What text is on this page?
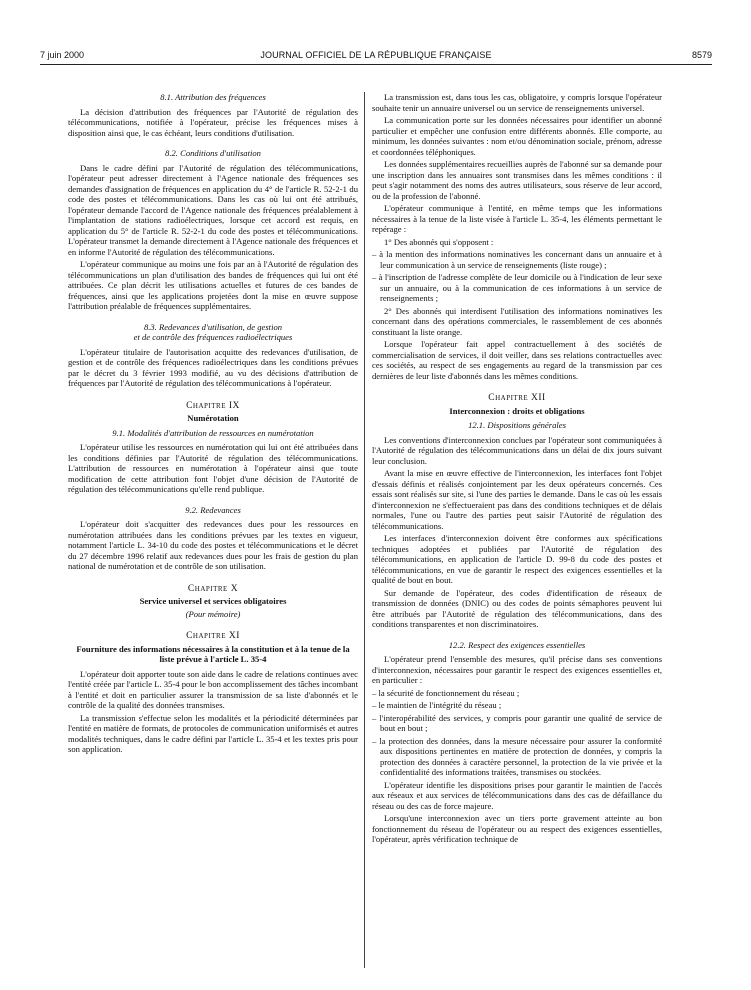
7 juin 2000	JOURNAL OFFICIEL DE LA RÉPUBLIQUE FRANÇAISE	8579
8.1. Attribution des fréquences

La décision d'attribution des fréquences par l'Autorité de régulation des télécommunications, notifiée à l'opérateur, précise les fréquences mises à disposition ainsi que, le cas échéant, leurs conditions d'utilisation.

8.2. Conditions d'utilisation

Dans le cadre défini par l'Autorité de régulation des télécommunications, l'opérateur peut adresser directement à l'Agence nationale des fréquences ses demandes d'assignation de fréquences en application du 4° de l'article R. 52-2-1 du code des postes et télécommunications. Dans les cas où lui ont été attribués, l'opérateur demande l'accord de l'Agence nationale des fréquences préalablement à l'implantation de stations radioélectriques, lorsque cet accord est requis, en application du 5° de l'article R. 52-2-1 du code des postes et télécommunications. L'opérateur transmet la demande directement à l'Agence nationale des fréquences et en informe l'Autorité de régulation des télécommunications.

L'opérateur communique au moins une fois par an à l'Autorité de régulation des télécommunications un plan d'utilisation des bandes de fréquences qui lui ont été attribuées. Ce plan décrit les utilisations actuelles et futures de ces bandes de fréquences, ainsi que les applications projetées dont la mise en œuvre suppose l'attribution préalable de fréquences supplémentaires.

8.3. Redevances d'utilisation, de gestion
et de contrôle des fréquences radioélectriques

L'opérateur titulaire de l'autorisation acquitte des redevances d'utilisation, de gestion et de contrôle des fréquences radioélectriques dans les conditions prévues par le décret du 3 février 1993 modifié, au vu des décisions d'attribution de fréquences par l'Autorité de régulation des télécommunications à l'opérateur.

Chapitre IX
Numérotation
9.1. Modalités d'attribution de ressources en numérotation

L'opérateur utilise les ressources en numérotation qui lui ont été attribuées dans les conditions définies par l'Autorité de régulation des télécommunications. L'attribution de ressources en numérotation à l'opérateur ainsi que toute modification de cette attribution font l'objet d'une décision de l'Autorité de régulation des télécommunications qu'elle rend publique.

9.2. Redevances

L'opérateur doit s'acquitter des redevances dues pour les ressources en numérotation attribuées dans les conditions prévues par les textes en vigueur, notamment l'article L. 34-10 du code des postes et télécommunications et le décret du 27 décembre 1996 relatif aux redevances dues pour les frais de gestion du plan national de numérotation et de contrôle de son utilisation.

Chapitre X
Service universel et services obligatoires
(Pour mémoire)
Chapitre XI
Fourniture des informations nécessaires à la constitution et à la tenue de la liste prévue à l'article L. 35-4

L'opérateur doit apporter toute son aide dans le cadre de relations continues avec l'entité créée par l'article L. 35-4 pour le bon accomplissement des tâches incombant à l'entité et doit en particulier assurer la transmission de sa liste d'abonnés et le contrôle de la qualité des données transmises.

La transmission s'effectue selon les modalités et la périodicité déterminées par l'entité en matière de formats, de protocoles de communication uniformisés et autres modalités techniques, dans le cadre défini par l'article L. 35-4 et les textes pris pour son application.

La transmission est, dans tous les cas, obligatoire, y compris lorsque l'opérateur souhaite tenir un annuaire universel ou un service de renseignements universel.

La communication porte sur les données nécessaires pour identifier un abonné particulier et empêcher une confusion entre différents abonnés. Elle comporte, au minimum, les données suivantes : nom et/ou dénomination sociale, prénom, adresse et coordonnées téléphoniques.

Les données supplémentaires recueillies auprès de l'abonné sur sa demande pour une inscription dans les annuaires sont transmises dans les mêmes conditions : il peut s'agir notamment des noms des autres utilisateurs, sous réserve de leur accord, ou de la profession de l'abonné.

L'opérateur communique à l'entité, en même temps que les informations nécessaires à la tenue de la liste visée à l'article L. 35-4, les éléments permettant le repérage :

1° Des abonnés qui s'opposent :

– à la mention des informations nominatives les concernant dans un annuaire et à leur communication à un service de renseignements (liste rouge) ;

– à l'inscription de l'adresse complète de leur domicile ou à l'indication de leur sexe sur un annuaire, ou à la communication de ces informations à un service de renseignements ;

2° Des abonnés qui interdisent l'utilisation des informations nominatives les concernant dans des opérations commerciales, le rassemblement de ces abonnés constituant la liste orange.

Lorsque l'opérateur fait appel contractuellement à des sociétés de commercialisation de services, il doit veiller, dans ses relations contractuelles avec ces sociétés, au respect de ses engagements au regard de la transmission par ces dernières de leur liste d'abonnés dans les mêmes conditions.

Chapitre XII
Interconnexion : droits et obligations
12.1. Dispositions générales

Les conventions d'interconnexion conclues par l'opérateur sont communiquées à l'Autorité de régulation des télécommunications dans un délai de dix jours suivant leur conclusion.

Avant la mise en œuvre effective de l'interconnexion, les interfaces font l'objet d'essais définis et réalisés conjointement par les deux opérateurs concernés. Ces essais sont réalisés sur site, si l'une des parties le demande. Dans le cas où les essais d'interconnexion ne s'effectueraient pas dans des conditions techniques et de délais normales, l'une ou l'autre des parties peut saisir l'Autorité de régulation des télécommunications.

Les interfaces d'interconnexion doivent être conformes aux spécifications techniques adoptées et publiées par l'Autorité de régulation des télécommunications, en application de l'article D. 99-8 du code des postes et télécommunications, en vue de garantir le respect des exigences essentielles et la qualité de bout en bout.

Sur demande de l'opérateur, des codes d'identification de réseaux de transmission de données (DNIC) ou des codes de points sémaphores peuvent lui être attribués par l'Autorité de régulation des télécommunications, dans des conditions transparentes et non discriminatoires.

12.2. Respect des exigences essentielles

L'opérateur prend l'ensemble des mesures, qu'il précise dans ses conventions d'interconnexion, nécessaires pour garantir le respect des exigences essentielles et, en particulier :

– la sécurité de fonctionnement du réseau ;

– le maintien de l'intégrité du réseau ;

– l'interopérabilité des services, y compris pour garantir une qualité de service de bout en bout ;

– la protection des données, dans la mesure nécessaire pour assurer la conformité aux dispositions pertinentes en matière de protection de données, y compris la protection des données à caractère personnel, la protection de la vie privée et la confidentialité des informations traitées, transmises ou stockées.

L'opérateur identifie les dispositions prises pour garantir le maintien de l'accès aux réseaux et aux services de télécommunications dans des cas de défaillance du réseau ou des cas de force majeure.

Lorsqu'une interconnexion avec un tiers porte gravement atteinte au bon fonctionnement du réseau de l'opérateur ou au respect des exigences essentielles, l'opérateur, après vérification technique de
